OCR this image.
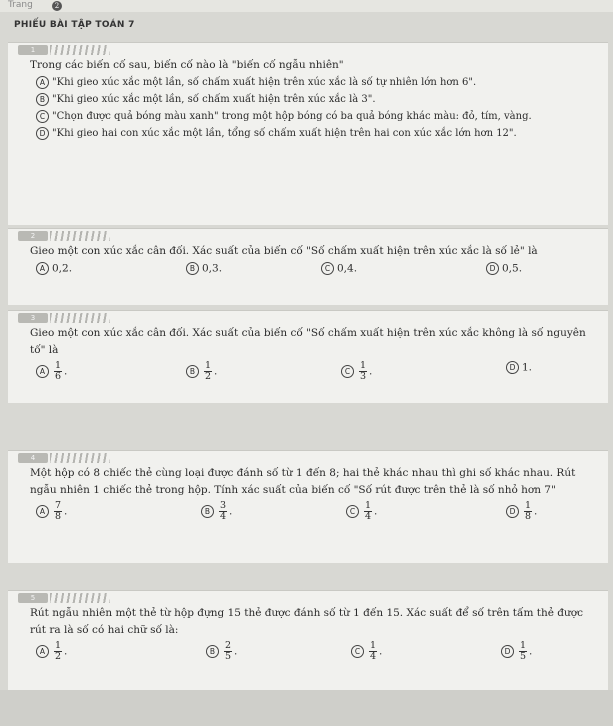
Trang	2
PHIẾU BÀI TẬP TOÁN 7
1
Trong các biến cố sau, biến cố nào là "biến cố ngẫu nhiên"
A "Khi gieo xúc xắc một lần, số chấm xuất hiện trên xúc xắc là số tự nhiên lớn hơn 6".
B "Khi gieo xúc xắc một lần, số chấm xuất hiện trên xúc xắc là 3".
C "Chọn được quả bóng màu xanh" trong một hộp bóng có ba quả bóng khác màu: đỏ, tím, vàng.
D "Khi gieo hai con xúc xắc một lần, tổng số chấm xuất hiện trên hai con xúc xắc lớn hơn 12".
2
Gieo một con xúc xắc cân đối. Xác suất của biến cố "Số chấm xuất hiện trên xúc xắc là số lẻ" là
A 0,2.	B 0,3.	C 0,4.	D 0,5.
3
Gieo một con xúc xắc cân đối. Xác suất của biến cố "Số chấm xuất hiện trên xúc xắc không là số nguyên tố" là
A $\frac{1}{6}$ .	B $\frac{1}{2}$ .	C $\frac{1}{3}$ .	D 1.
4
Một hộp có 8 chiếc thẻ cùng loại được đánh số từ 1 đến 8; hai thẻ khác nhau thì ghi số khác nhau. Rút ngẫu nhiên 1 chiếc thẻ trong hộp. Tính xác suất của biến cố "Số rút được trên thẻ là số nhỏ hơn 7"
A $\frac{7}{8}$ .	B $\frac{3}{4}$ .	C $\frac{1}{4}$ .	D $\frac{1}{8}$ .
5
Rút ngẫu nhiên một thẻ từ hộp đựng 15 thẻ được đánh số từ 1 đến 15. Xác suất để số trên tấm thẻ được rút ra là số có hai chữ số là:
A $\frac{1}{2}$ .	B $\frac{2}{5}$ .	C $\frac{1}{4}$ .	D $\frac{1}{5}$ .
